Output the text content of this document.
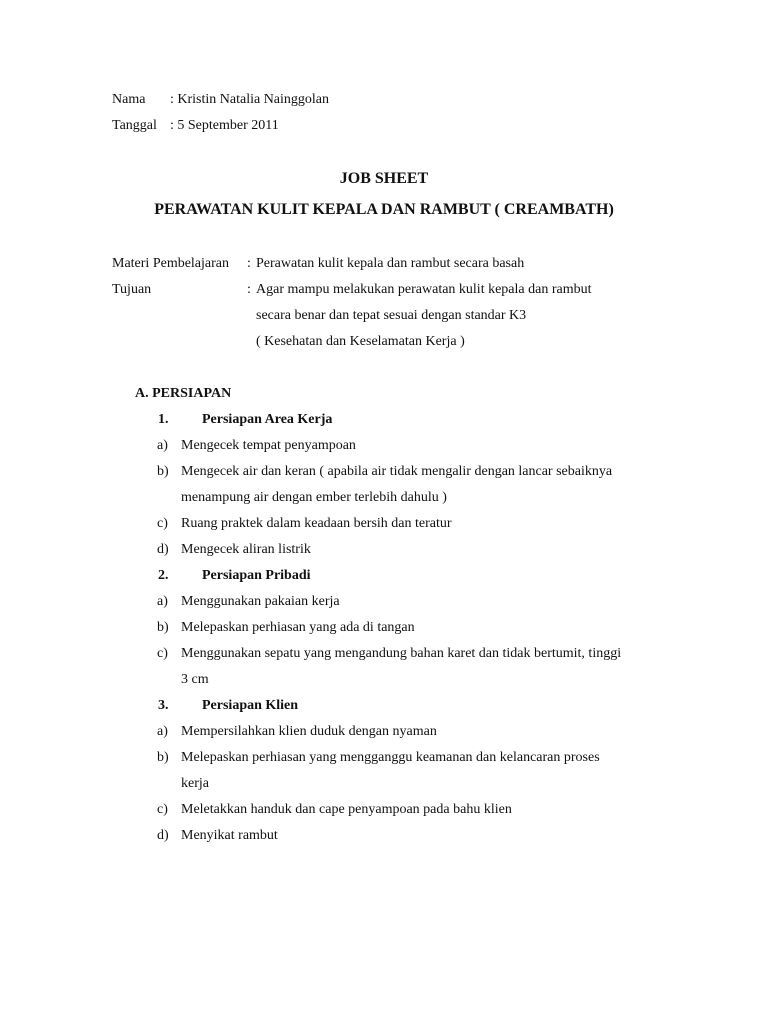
Nama : Kristin Natalia Nainggolan
Tanggal : 5 September 2011
JOB SHEET
PERAWATAN KULIT KEPALA DAN RAMBUT ( CREAMBATH)
Materi Pembelajaran : Perawatan kulit kepala dan rambut secara basah
Tujuan	: Agar mampu melakukan perawatan kulit kepala dan rambut
secara benar dan tepat sesuai dengan standar K3
( Kesehatan dan Keselamatan Kerja )
A. PERSIAPAN
1. Persiapan Area Kerja
a) Mengecek tempat penyampoan
b) Mengecek air dan keran ( apabila air tidak mengalir dengan lancar sebaiknya
menampung air dengan ember terlebih dahulu )
c) Ruang praktek dalam keadaan bersih dan teratur
d) Mengecek aliran listrik
2. Persiapan Pribadi
a) Menggunakan pakaian kerja
b) Melepaskan perhiasan yang ada di tangan
c) Menggunakan sepatu yang mengandung bahan karet dan tidak bertumit, tinggi
3 cm
3. Persiapan Klien
a) Mempersilahkan klien duduk dengan nyaman
b) Melepaskan perhiasan yang mengganggu keamanan dan kelancaran proses
kerja
c) Meletakkan handuk dan cape penyampoan pada bahu klien
d) Menyikat rambut
